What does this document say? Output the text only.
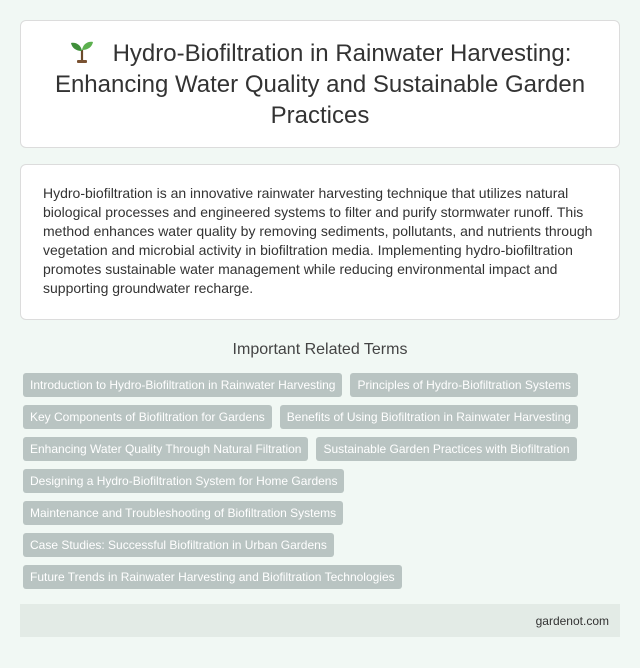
Hydro-Biofiltration in Rainwater Harvesting: Enhancing Water Quality and Sustainable Garden Practices

Hydro-biofiltration is an innovative rainwater harvesting technique that utilizes natural biological processes and engineered systems to filter and purify stormwater runoff. This method enhances water quality by removing sediments, pollutants, and nutrients through vegetation and microbial activity in biofiltration media. Implementing hydro-biofiltration promotes sustainable water management while reducing environmental impact and supporting groundwater recharge.

Important Related Terms
Introduction to Hydro-Biofiltration in Rainwater Harvesting	Principles of Hydro-Biofiltration Systems
Key Components of Biofiltration for Gardens	Benefits of Using Biofiltration in Rainwater Harvesting
Enhancing Water Quality Through Natural Filtration	Sustainable Garden Practices with Biofiltration
Designing a Hydro-Biofiltration System for Home Gardens
Maintenance and Troubleshooting of Biofiltration Systems
Case Studies: Successful Biofiltration in Urban Gardens
Future Trends in Rainwater Harvesting and Biofiltration Technologies
gardenot.com
